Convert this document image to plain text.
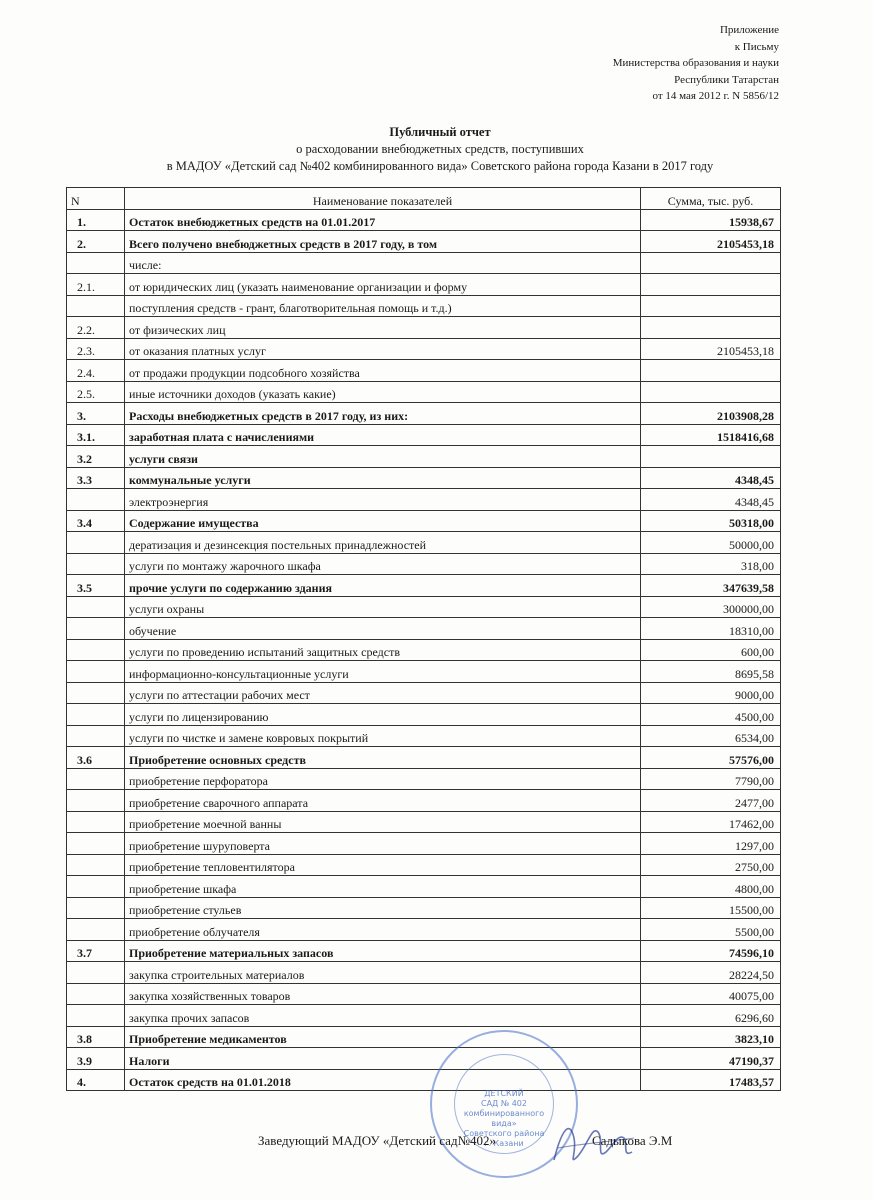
Приложение
к Письму
Министерства образования и науки
Республики Татарстан
от 14 мая 2012 г. N 5856/12
Публичный отчет
о расходовании внебюджетных средств, поступивших
в МАДОУ «Детский сад №402 комбинированного вида» Советского района города Казани в 2017 году
N	Наименование показателей	Сумма, тыс. руб.
1.	Остаток внебюджетных средств на 01.01.2017	15938,67
2.	Всего получено внебюджетных средств в 2017 году, в том	2105453,18
	числе:	
2.1.	от юридических лиц (указать наименование организации и форму	
	поступления средств - грант, благотворительная помощь и т.д.)	
2.2.	от физических лиц	
2.3.	от оказания платных услуг	2105453,18
2.4.	от продажи продукции подсобного хозяйства	
2.5.	иные источники доходов (указать какие)	
3.	Расходы внебюджетных средств в 2017 году, из них:	2103908,28
3.1.	заработная плата с начислениями	1518416,68
3.2	услуги связи	
3.3	коммунальные услуги	4348,45
	электроэнергия	4348,45
3.4	Содержание имущества	50318,00
	дератизация и дезинсекция постельных принадлежностей	50000,00
	услуги по монтажу жарочного шкафа	318,00
3.5	прочие услуги по содержанию здания	347639,58
	услуги охраны	300000,00
	обучение	18310,00
	услуги по проведению испытаний защитных средств	600,00
	информационно-консультационные услуги	8695,58
	услуги по аттестации рабочих мест	9000,00
	услуги по лицензированию	4500,00
	услуги по чистке и замене ковровых покрытий	6534,00
3.6	Приобретение основных средств	57576,00
	приобретение перфоратора	7790,00
	приобретение сварочного аппарата	2477,00
	приобретение моечной ванны	17462,00
	приобретение шуруповерта	1297,00
	приобретение тепловентилятора	2750,00
	приобретение шкафа	4800,00
	приобретение стульев	15500,00
	приобретение облучателя	5500,00
3.7	Приобретение материальных запасов	74596,10
	закупка строительных материалов	28224,50
	закупка хозяйственных товаров	40075,00
	закупка прочих запасов	6296,60
3.8	Приобретение медикаментов	3823,10
3.9	Налоги	47190,37
4.	Остаток средств на 01.01.2018	17483,57
ДЕТСКИЙ
САД № 402
комбинированного
вида»
Советского района
г. Казани
Заведующий МАДОУ «Детский сад№402»	Садыкова Э.М
